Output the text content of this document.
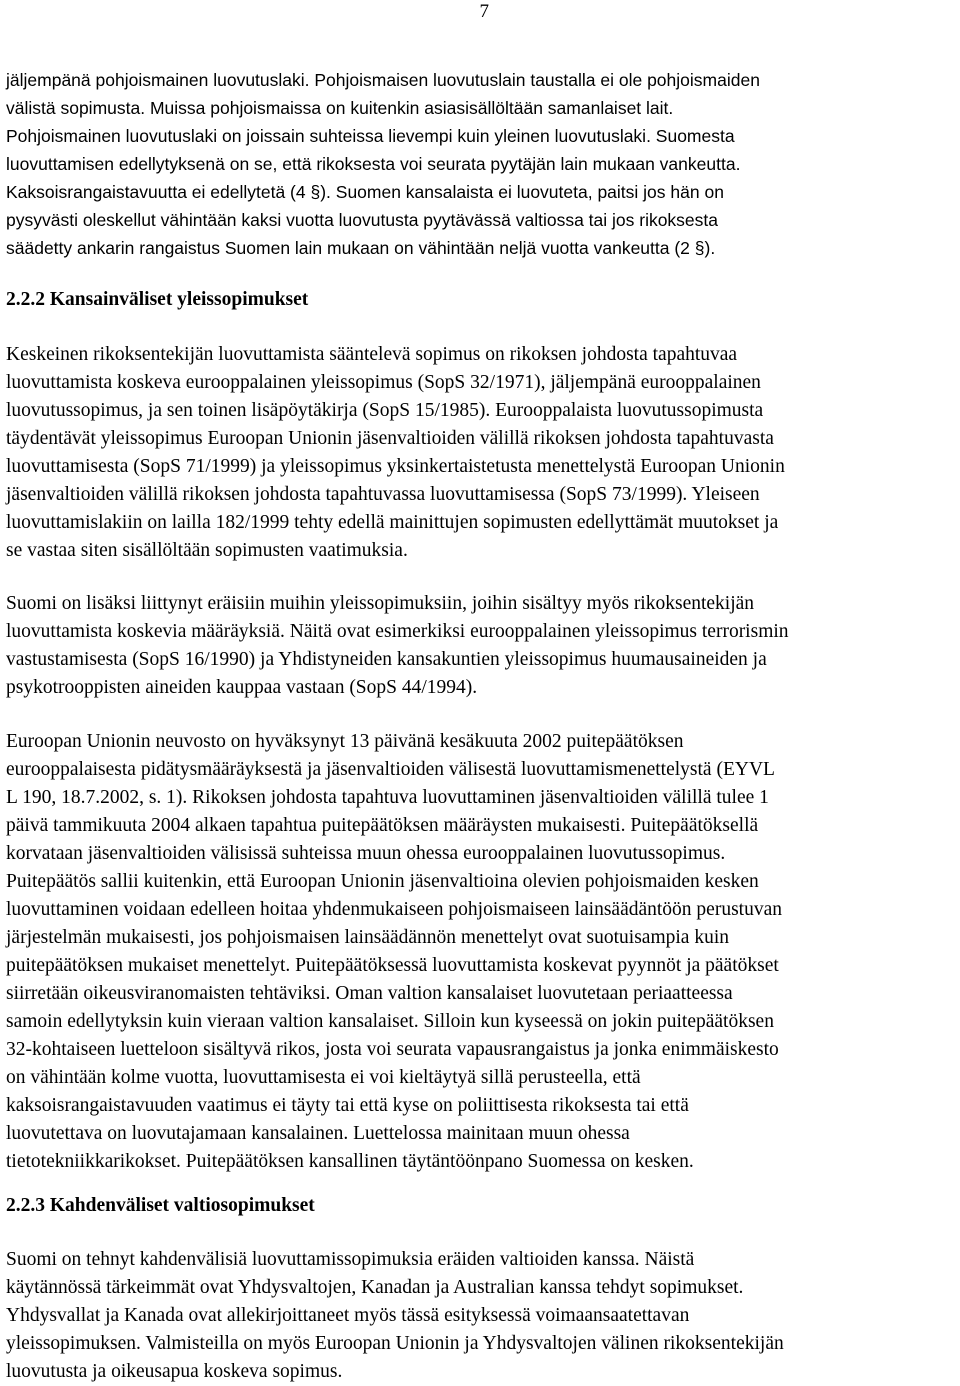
7
jäljempänä pohjoismainen luovutuslaki. Pohjoismaisen luovutuslain taustalla ei ole pohjoismaiden
välistä sopimusta. Muissa pohjoismaissa on kuitenkin asiasisällöltään samanlaiset lait.
Pohjoismainen luovutuslaki on joissain suhteissa lievempi kuin yleinen luovutuslaki. Suomesta
luovuttamisen edellytyksenä on se, että rikoksesta voi seurata pyytäjän lain mukaan vankeutta.
Kaksoisrangaistavuutta ei edellytetä (4 §). Suomen kansalaista ei luovuteta, paitsi jos hän on
pysyvästi oleskellut vähintään kaksi vuotta luovutusta pyytävässä valtiossa tai jos rikoksesta
säädetty ankarin rangaistus Suomen lain mukaan on vähintään neljä vuotta vankeutta (2 §).
2.2.2 Kansainväliset yleissopimukset
Keskeinen rikoksentekijän luovuttamista sääntelevä sopimus on rikoksen johdosta tapahtuvaa
luovuttamista koskeva eurooppalainen yleissopimus (SopS 32/1971), jäljempänä eurooppalainen
luovutussopimus, ja sen toinen lisäpöytäkirja (SopS 15/1985). Eurooppalaista luovutussopimusta
täydentävät yleissopimus Euroopan Unionin jäsenvaltioiden välillä rikoksen johdosta tapahtuvasta
luovuttamisesta (SopS 71/1999) ja yleissopimus yksinkertaistetusta menettelystä Euroopan Unionin
jäsenvaltioiden välillä rikoksen johdosta tapahtuvassa luovuttamisessa (SopS 73/1999). Yleiseen
luovuttamislakiin on lailla 182/1999 tehty edellä mainittujen sopimusten edellyttämät muutokset ja
se vastaa siten sisällöltään sopimusten vaatimuksia.
Suomi on lisäksi liittynyt eräisiin muihin yleissopimuksiin, joihin sisältyy myös rikoksentekijän
luovuttamista koskevia määräyksiä. Näitä ovat esimerkiksi eurooppalainen yleissopimus terrorismin
vastustamisesta (SopS 16/1990) ja Yhdistyneiden kansakuntien yleissopimus huumausaineiden ja
psykotrooppisten aineiden kauppaa vastaan (SopS 44/1994).
Euroopan Unionin neuvosto on hyväksynyt 13 päivänä kesäkuuta 2002 puitepäätöksen
eurooppalaisesta pidätysmääräyksestä ja jäsenvaltioiden välisestä luovuttamismenettelystä (EYVL
L 190, 18.7.2002, s. 1). Rikoksen johdosta tapahtuva luovuttaminen jäsenvaltioiden välillä tulee 1
päivä tammikuuta 2004 alkaen tapahtua puitepäätöksen määräysten mukaisesti. Puitepäätöksellä
korvataan jäsenvaltioiden välisissä suhteissa muun ohessa eurooppalainen luovutussopimus.
Puitepäätös sallii kuitenkin, että Euroopan Unionin jäsenvaltioina olevien pohjoismaiden kesken
luovuttaminen voidaan edelleen hoitaa yhdenmukaiseen pohjoismaiseen lainsäädäntöön perustuvan
järjestelmän mukaisesti, jos pohjoismaisen lainsäädännön menettelyt ovat suotuisampia kuin
puitepäätöksen mukaiset menettelyt. Puitepäätöksessä luovuttamista koskevat pyynnöt ja päätökset
siirretään oikeusviranomaisten tehtäviksi. Oman valtion kansalaiset luovutetaan periaatteessa
samoin edellytyksin kuin vieraan valtion kansalaiset. Silloin kun kyseessä on jokin puitepäätöksen
32-kohtaiseen luetteloon sisältyvä rikos, josta voi seurata vapausrangaistus ja jonka enimmäiskesto
on vähintään kolme vuotta, luovuttamisesta ei voi kieltäytyä sillä perusteella, että
kaksoisrangaistavuuden vaatimus ei täyty tai että kyse on poliittisesta rikoksesta tai että
luovutettava on luovutajamaan kansalainen. Luettelossa mainitaan muun ohessa
tietotekniikkarikokset. Puitepäätöksen kansallinen täytäntöönpano Suomessa on kesken.
2.2.3 Kahdenväliset valtiosopimukset
Suomi on tehnyt kahdenvälisiä luovuttamissopimuksia eräiden valtioiden kanssa. Näistä
käytännössä tärkeimmät ovat Yhdysvaltojen, Kanadan ja Australian kanssa tehdyt sopimukset.
Yhdysvallat ja Kanada ovat allekirjoittaneet myös tässä esityksessä voimaansaatettavan
yleissopimuksen. Valmisteilla on myös Euroopan Unionin ja Yhdysvaltojen välinen rikoksentekijän
luovutusta ja oikeusapua koskeva sopimus.
